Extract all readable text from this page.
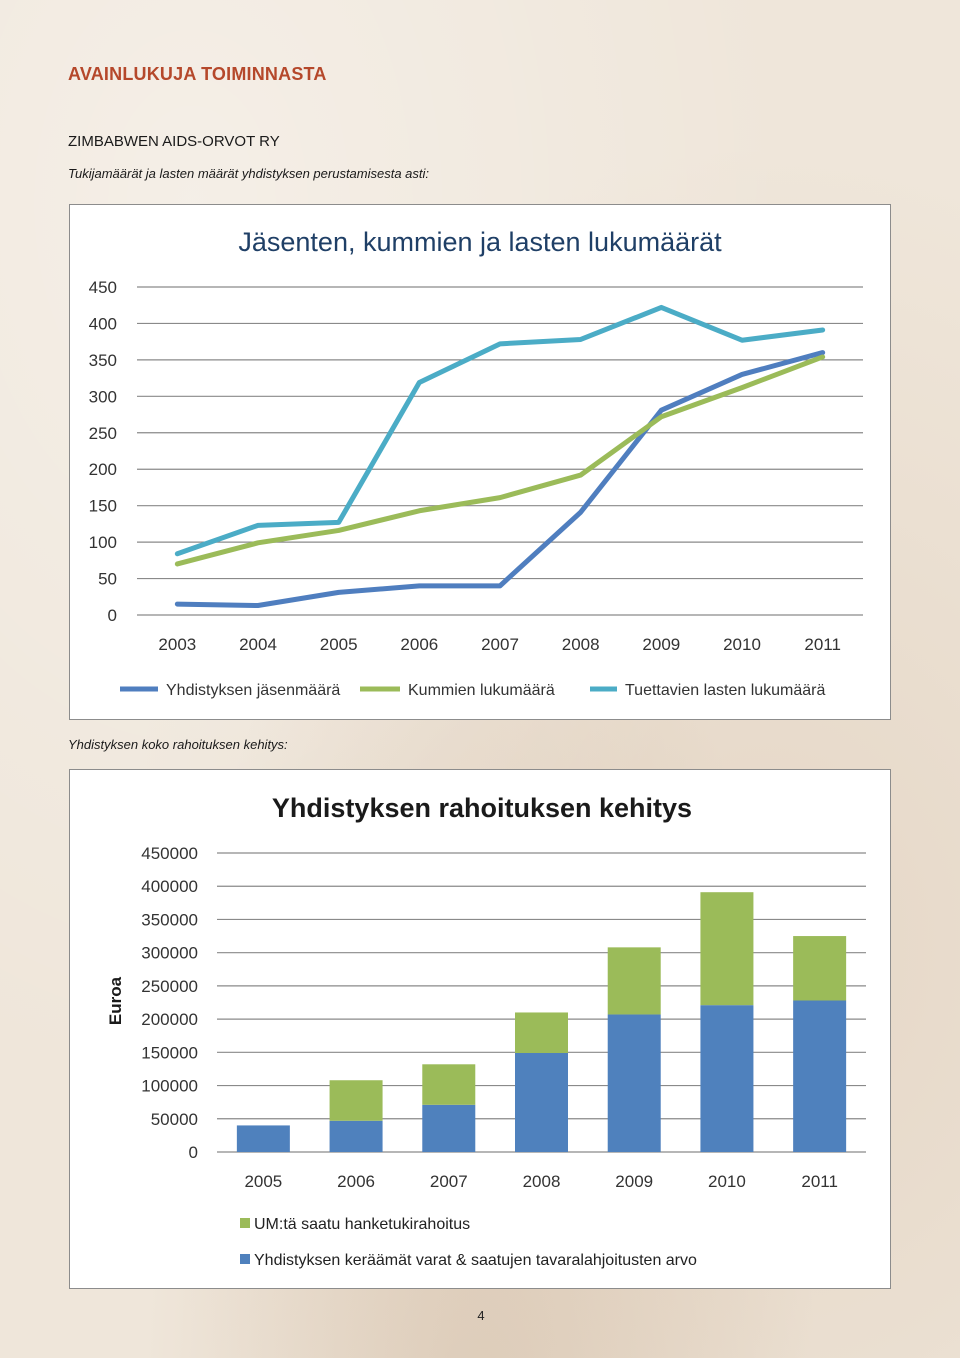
AVAINLUKUJA TOIMINNASTA
ZIMBABWEN AIDS-ORVOT RY
Tukijamäärät ja lasten määrät yhdistyksen perustamisesta asti:
Jäsenten, kummien ja lasten lukumäärät
0
50
100
150
200
250
300
350
400
450
2003	2004	2005	2006	2007	2008	2009	2010	2011
Yhdistyksen jäsenmäärä	Kummien lukumäärä	Tuettavien lasten lukumäärä
Yhdistyksen koko rahoituksen kehitys:
Yhdistyksen rahoituksen kehitys
Euroa
0
50000
100000
150000
200000
250000
300000
350000
400000
450000
2005	2006	2007	2008	2009	2010	2011
UM:tä saatu hanketukirahoitus
Yhdistyksen keräämät varat & saatujen tavaralahjoitusten arvo
4
